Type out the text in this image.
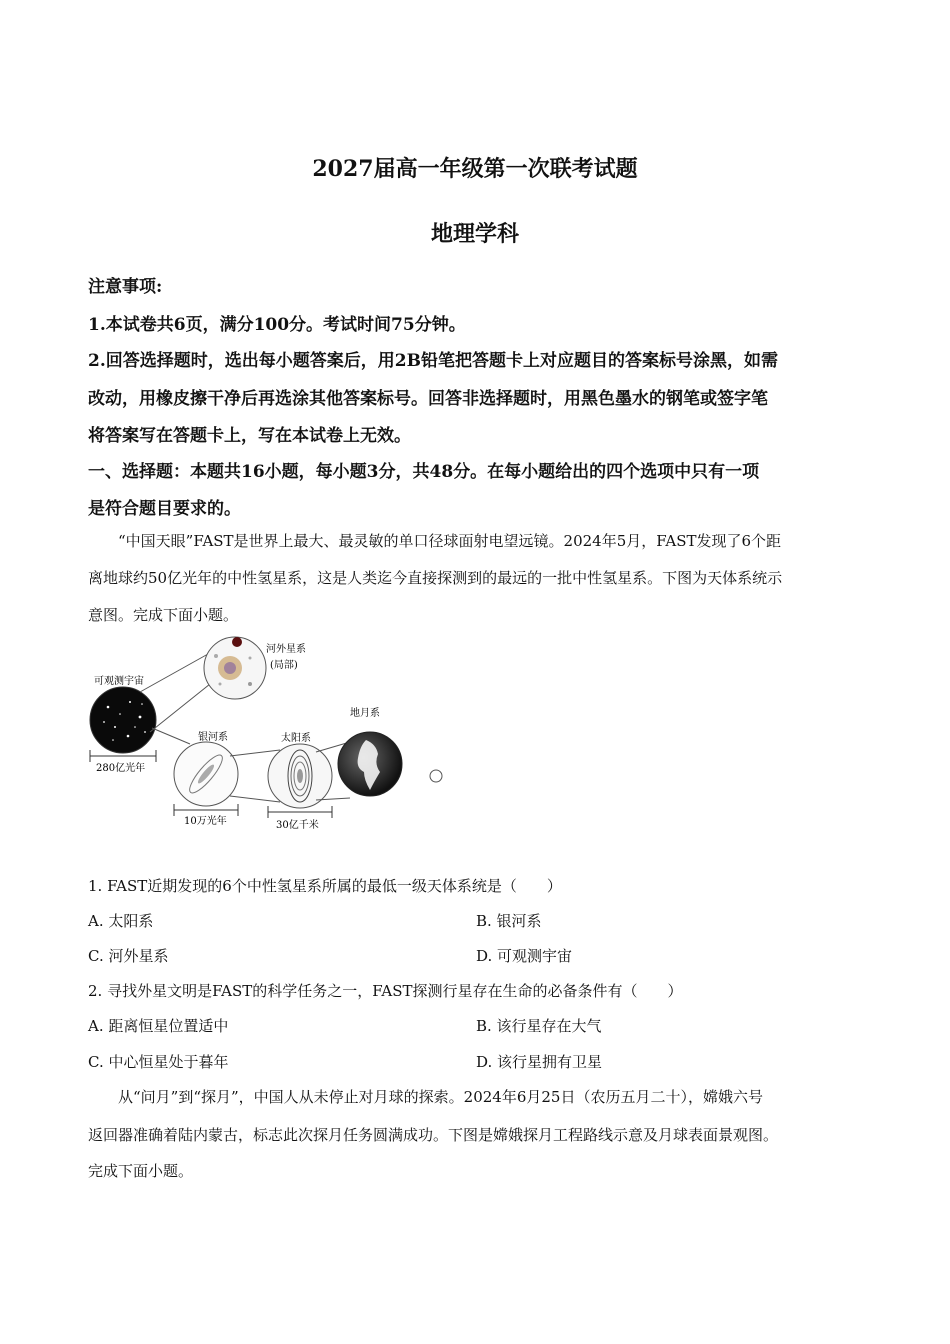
2027届高一年级第一次联考试题
地理学科
注意事项:
1.本试卷共6页，满分100分。考试时间75分钟。
2.回答选择题时，选出每小题答案后，用2B铅笔把答题卡上对应题目的答案标号涂黑，如需
改动，用橡皮擦干净后再选涂其他答案标号。回答非选择题时，用黑色墨水的钢笔或签字笔
将答案写在答题卡上，写在本试卷上无效。
一、选择题：本题共16小题，每小题3分，共48分。在每小题给出的四个选项中只有一项
是符合题目要求的。
“中国天眼”FAST是世界上最大、最灵敏的单口径球面射电望远镜。2024年5月，FAST发现了6个距
离地球约50亿光年的中性氢星系，这是人类迄今直接探测到的最远的一批中性氢星系。下图为天体系统示
意图。完成下面小题。
可观测宇宙
280亿光年
河外星系
(局部)
银河系
10万光年
太阳系
30亿千米
地月系
1. FAST近期发现的6个中性氢星系所属的最低一级天体系统是（　　）
A. 太阳系	B. 银河系
C. 河外星系	D. 可观测宇宙
2. 寻找外星文明是FAST的科学任务之一，FAST探测行星存在生命的必备条件有（　　）
A. 距离恒星位置适中	B. 该行星存在大气
C. 中心恒星处于暮年	D. 该行星拥有卫星
从“问月”到“探月”，中国人从未停止对月球的探索。2024年6月25日（农历五月二十），嫦娥六号
返回器准确着陆内蒙古，标志此次探月任务圆满成功。下图是嫦娥探月工程路线示意及月球表面景观图。
完成下面小题。
